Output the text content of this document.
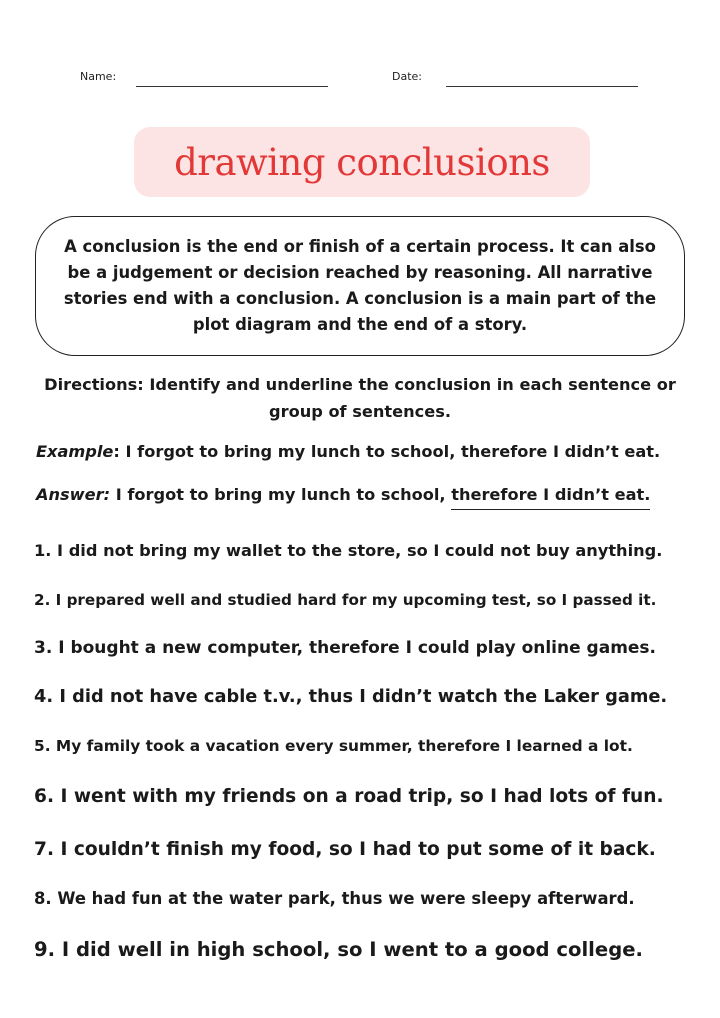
Name:	Date:
drawing conclusions
A conclusion is the end or finish of a certain process. It can also be a judgement or decision reached by reasoning. All narrative stories end with a conclusion. A conclusion is a main part of the plot diagram and the end of a story.
Directions: Identify and underline the conclusion in each sentence or group of sentences.
Example: I forgot to bring my lunch to school, therefore I didn’t eat.
Answer: I forgot to bring my lunch to school, therefore I didn’t eat.
1. I did not bring my wallet to the store, so I could not buy anything.
2. I prepared well and studied hard for my upcoming test, so I passed it.
3. I bought a new computer, therefore I could play online games.
4. I did not have cable t.v., thus I didn’t watch the Laker game.
5. My family took a vacation every summer, therefore I learned a lot.
6. I went with my friends on a road trip, so I had lots of fun.
7. I couldn’t finish my food, so I had to put some of it back.
8. We had fun at the water park, thus we were sleepy afterward.
9. I did well in high school, so I went to a good college.
